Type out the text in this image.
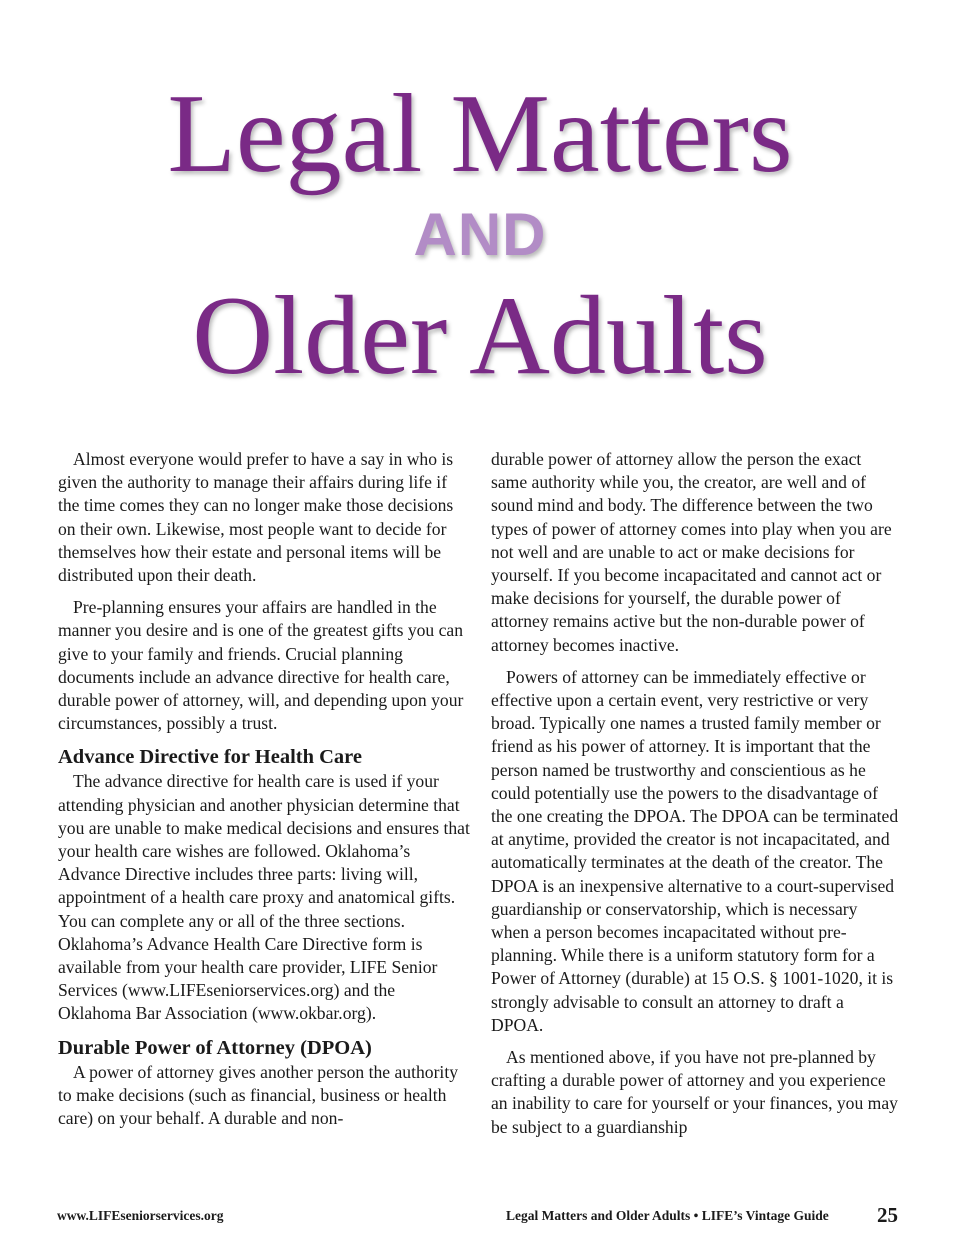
Legal Matters
AND
Older Adults

Almost everyone would prefer to have a say in who is given the authority to manage their affairs during life if the time comes they can no longer make those decisions on their own. Likewise, most people want to decide for themselves how their estate and personal items will be distributed upon their death.

Pre-planning ensures your affairs are handled in the manner you desire and is one of the greatest gifts you can give to your family and friends. Crucial planning documents include an advance directive for health care, durable power of attorney, will, and depending upon your circumstances, possibly a trust.

Advance Directive for Health Care

The advance directive for health care is used if your attending physician and another physician determine that you are unable to make medical decisions and ensures that your health care wishes are followed. Oklahoma’s Advance Directive includes three parts: living will, appointment of a health care proxy and anatomical gifts. You can complete any or all of the three sections. Oklahoma’s Advance Health Care Directive form is available from your health care provider, LIFE Senior Services (www.LIFEseniorservices.org) and the Oklahoma Bar Association (www.okbar.org).

Durable Power of Attorney (DPOA)

A power of attorney gives another person the authority to make decisions (such as financial, business or health care) on your behalf. A durable and non-

durable power of attorney allow the person the exact same authority while you, the creator, are well and of sound mind and body. The difference between the two types of power of attorney comes into play when you are not well and are unable to act or make decisions for yourself. If you become incapacitated and cannot act or make decisions for yourself, the durable power of attorney remains active but the non-durable power of attorney becomes inactive.

Powers of attorney can be immediately effective or effective upon a certain event, very restrictive or very broad. Typically one names a trusted family member or friend as his power of attorney. It is important that the person named be trustworthy and conscientious as he could potentially use the powers to the disadvantage of the one creating the DPOA. The DPOA can be terminated at anytime, provided the creator is not incapacitated, and automatically terminates at the death of the creator. The DPOA is an inexpensive alternative to a court-supervised guardianship or conservatorship, which is necessary when a person becomes incapacitated without pre-planning. While there is a uniform statutory form for a Power of Attorney (durable) at 15 O.S. § 1001-1020, it is strongly advisable to consult an attorney to draft a DPOA.

As mentioned above, if you have not pre-planned by crafting a durable power of attorney and you experience an inability to care for yourself or your finances, you may be subject to a guardianship

www.LIFEseniorservices.org	Legal Matters and Older Adults • LIFE’s Vintage Guide 25
